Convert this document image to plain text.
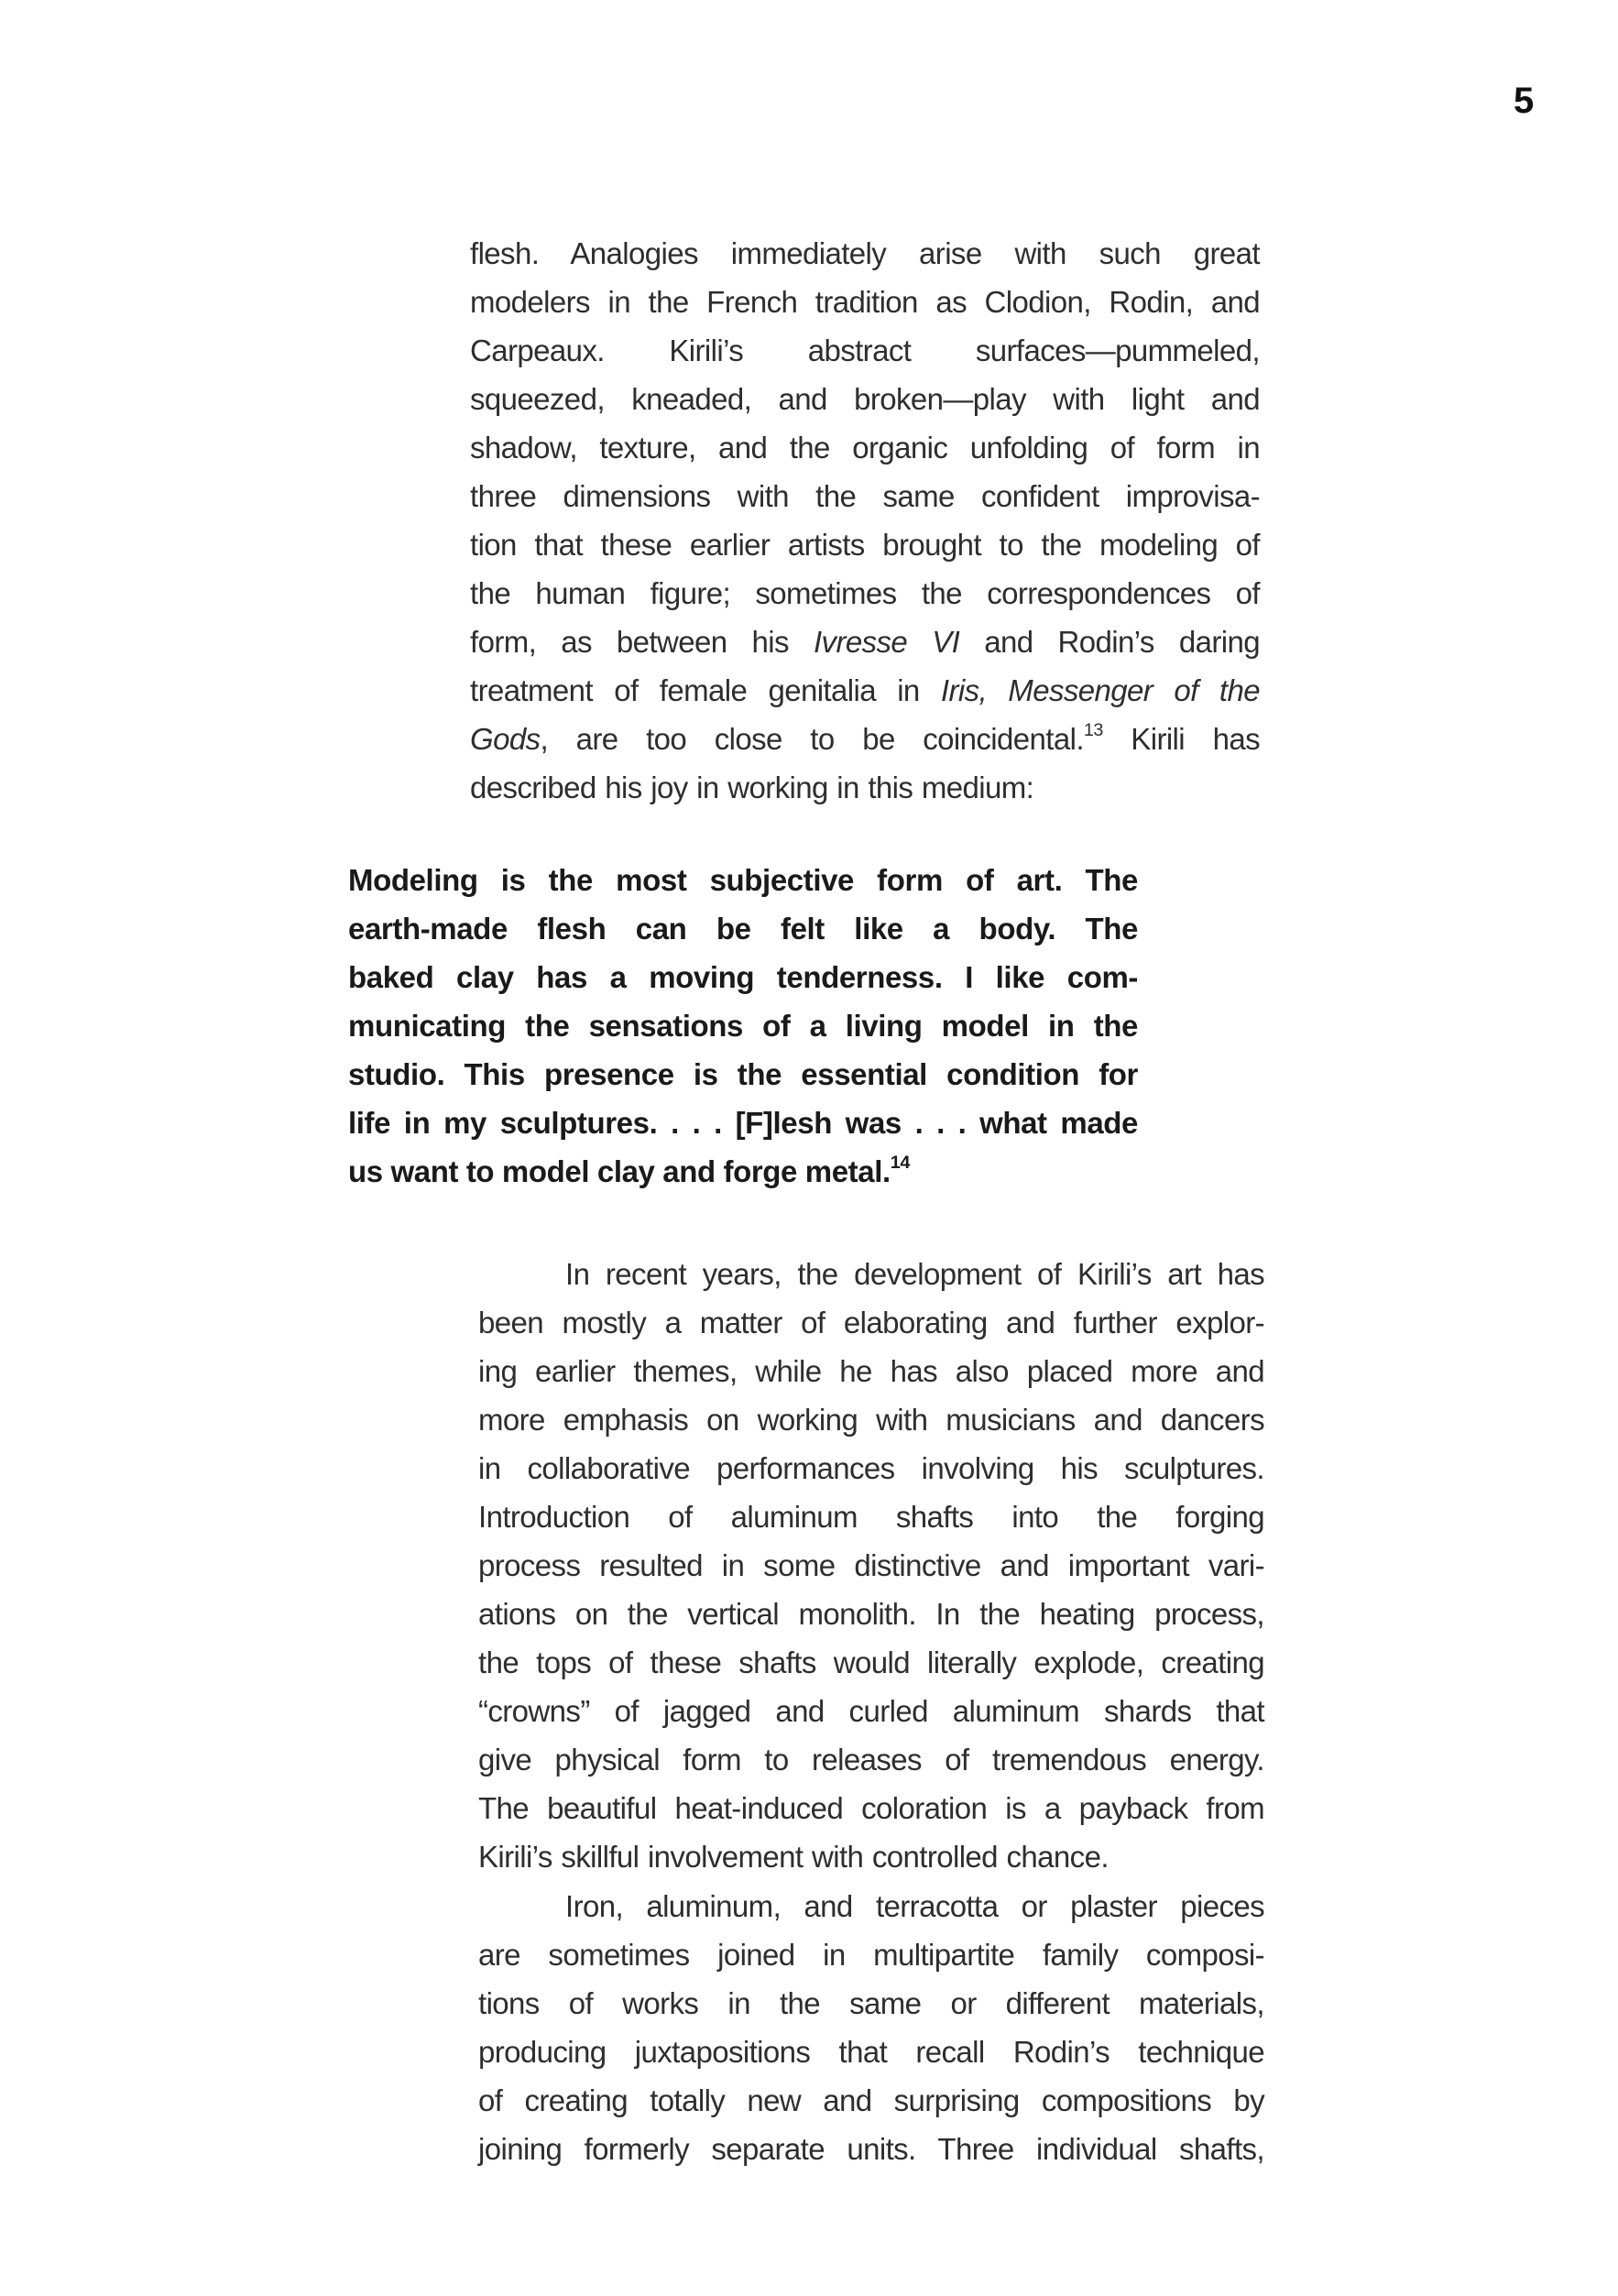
5
flesh. Analogies immediately arise with such great
modelers in the French tradition as Clodion, Rodin, and
Carpeaux. Kirili’s abstract surfaces—pummeled,
squeezed, kneaded, and broken—play with light and
shadow, texture, and the organic unfolding of form in
three dimensions with the same confident improvisa-
tion that these earlier artists brought to the modeling of
the human figure; sometimes the correspondences of
form, as between his Ivresse VI and Rodin’s daring
treatment of female genitalia in Iris, Messenger of the
Gods, are too close to be coincidental.$^{13}$ Kirili has
described his joy in working in this medium:
Modeling is the most subjective form of art. The
earth-made flesh can be felt like a body. The
baked clay has a moving tenderness. I like com-
municating the sensations of a living model in the
studio. This presence is the essential condition for
life in my sculptures. . . . [F]lesh was . . . what made
us want to model clay and forge metal.$^{14}$
In recent years, the development of Kirili’s art has
been mostly a matter of elaborating and further explor-
ing earlier themes, while he has also placed more and
more emphasis on working with musicians and dancers
in collaborative performances involving his sculptures.
Introduction of aluminum shafts into the forging
process resulted in some distinctive and important vari-
ations on the vertical monolith. In the heating process,
the tops of these shafts would literally explode, creating
“crowns” of jagged and curled aluminum shards that
give physical form to releases of tremendous energy.
The beautiful heat-induced coloration is a payback from
Kirili’s skillful involvement with controlled chance.
Iron, aluminum, and terracotta or plaster pieces
are sometimes joined in multipartite family composi-
tions of works in the same or different materials,
producing juxtapositions that recall Rodin’s technique
of creating totally new and surprising compositions by
joining formerly separate units. Three individual shafts,
